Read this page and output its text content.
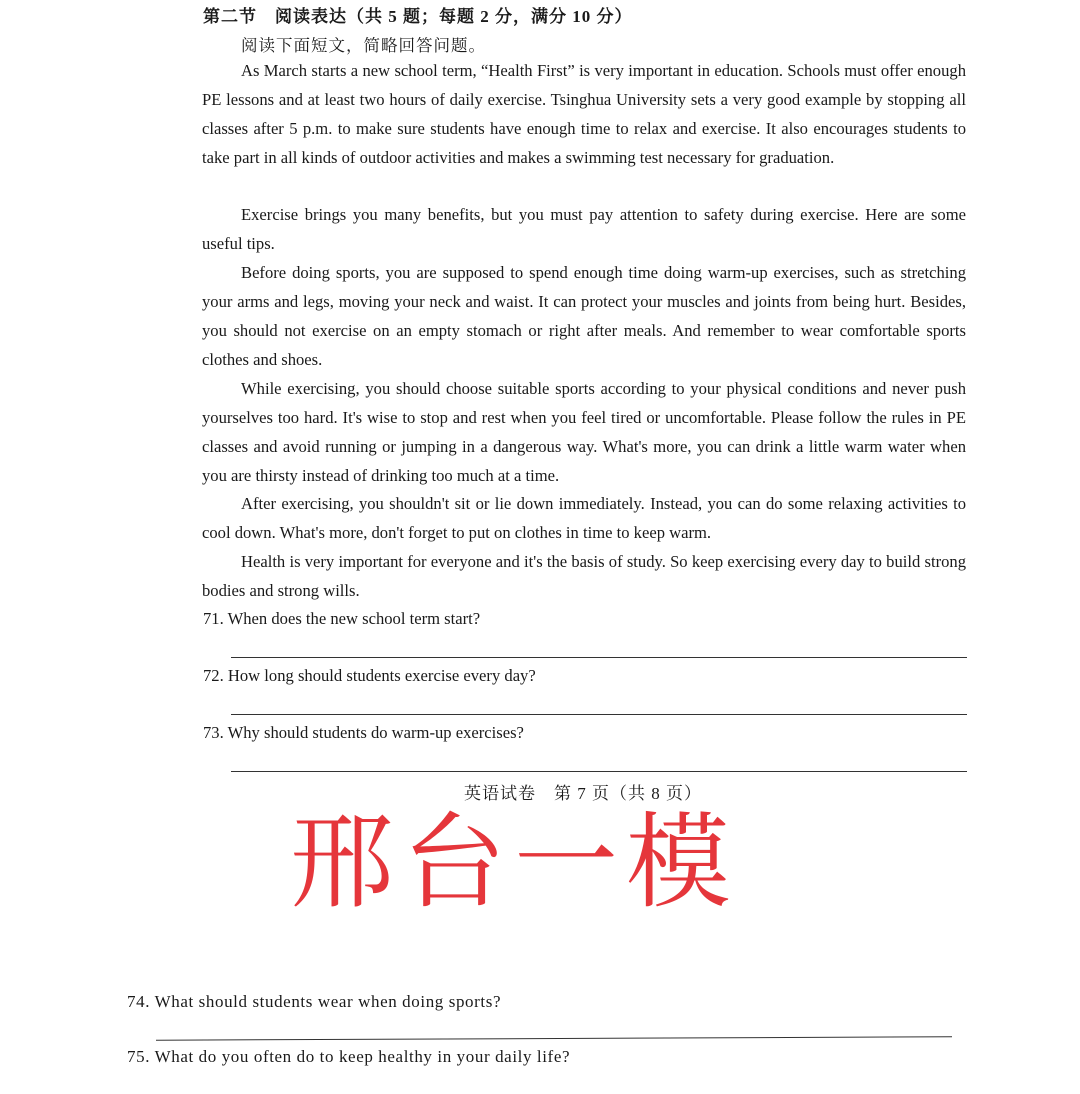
第二节　阅读表达（共 5 题；每题 2 分，满分 10 分）
阅读下面短文，简略回答问题。

As March starts a new school term, “Health First” is very important in education. Schools must offer enough PE lessons and at least two hours of daily exercise. Tsinghua University sets a very good example by stopping all classes after 5 p.m. to make sure students have enough time to relax and exercise. It also encourages students to take part in all kinds of outdoor activities and makes a swimming test necessary for graduation.

Exercise brings you many benefits, but you must pay attention to safety during exercise. Here are some useful tips.

Before doing sports, you are supposed to spend enough time doing warm-up exercises, such as stretching your arms and legs, moving your neck and waist. It can protect your muscles and joints from being hurt. Besides, you should not exercise on an empty stomach or right after meals. And remember to wear comfortable sports clothes and shoes.

While exercising, you should choose suitable sports according to your physical conditions and never push yourselves too hard. It's wise to stop and rest when you feel tired or uncomfortable. Please follow the rules in PE classes and avoid running or jumping in a dangerous way. What's more, you can drink a little warm water when you are thirsty instead of drinking too much at a time.

After exercising, you shouldn't sit or lie down immediately. Instead, you can do some relaxing activities to cool down. What's more, don't forget to put on clothes in time to keep warm.

Health is very important for everyone and it's the basis of study. So keep exercising every day to build strong bodies and strong wills.

71. When does the new school term start?
72. How long should students exercise every day?
73. Why should students do warm-up exercises?
英语试卷　第 7 页（共 8 页）
邢台一模
74. What should students wear when doing sports?
75. What do you often do to keep healthy in your daily life?
